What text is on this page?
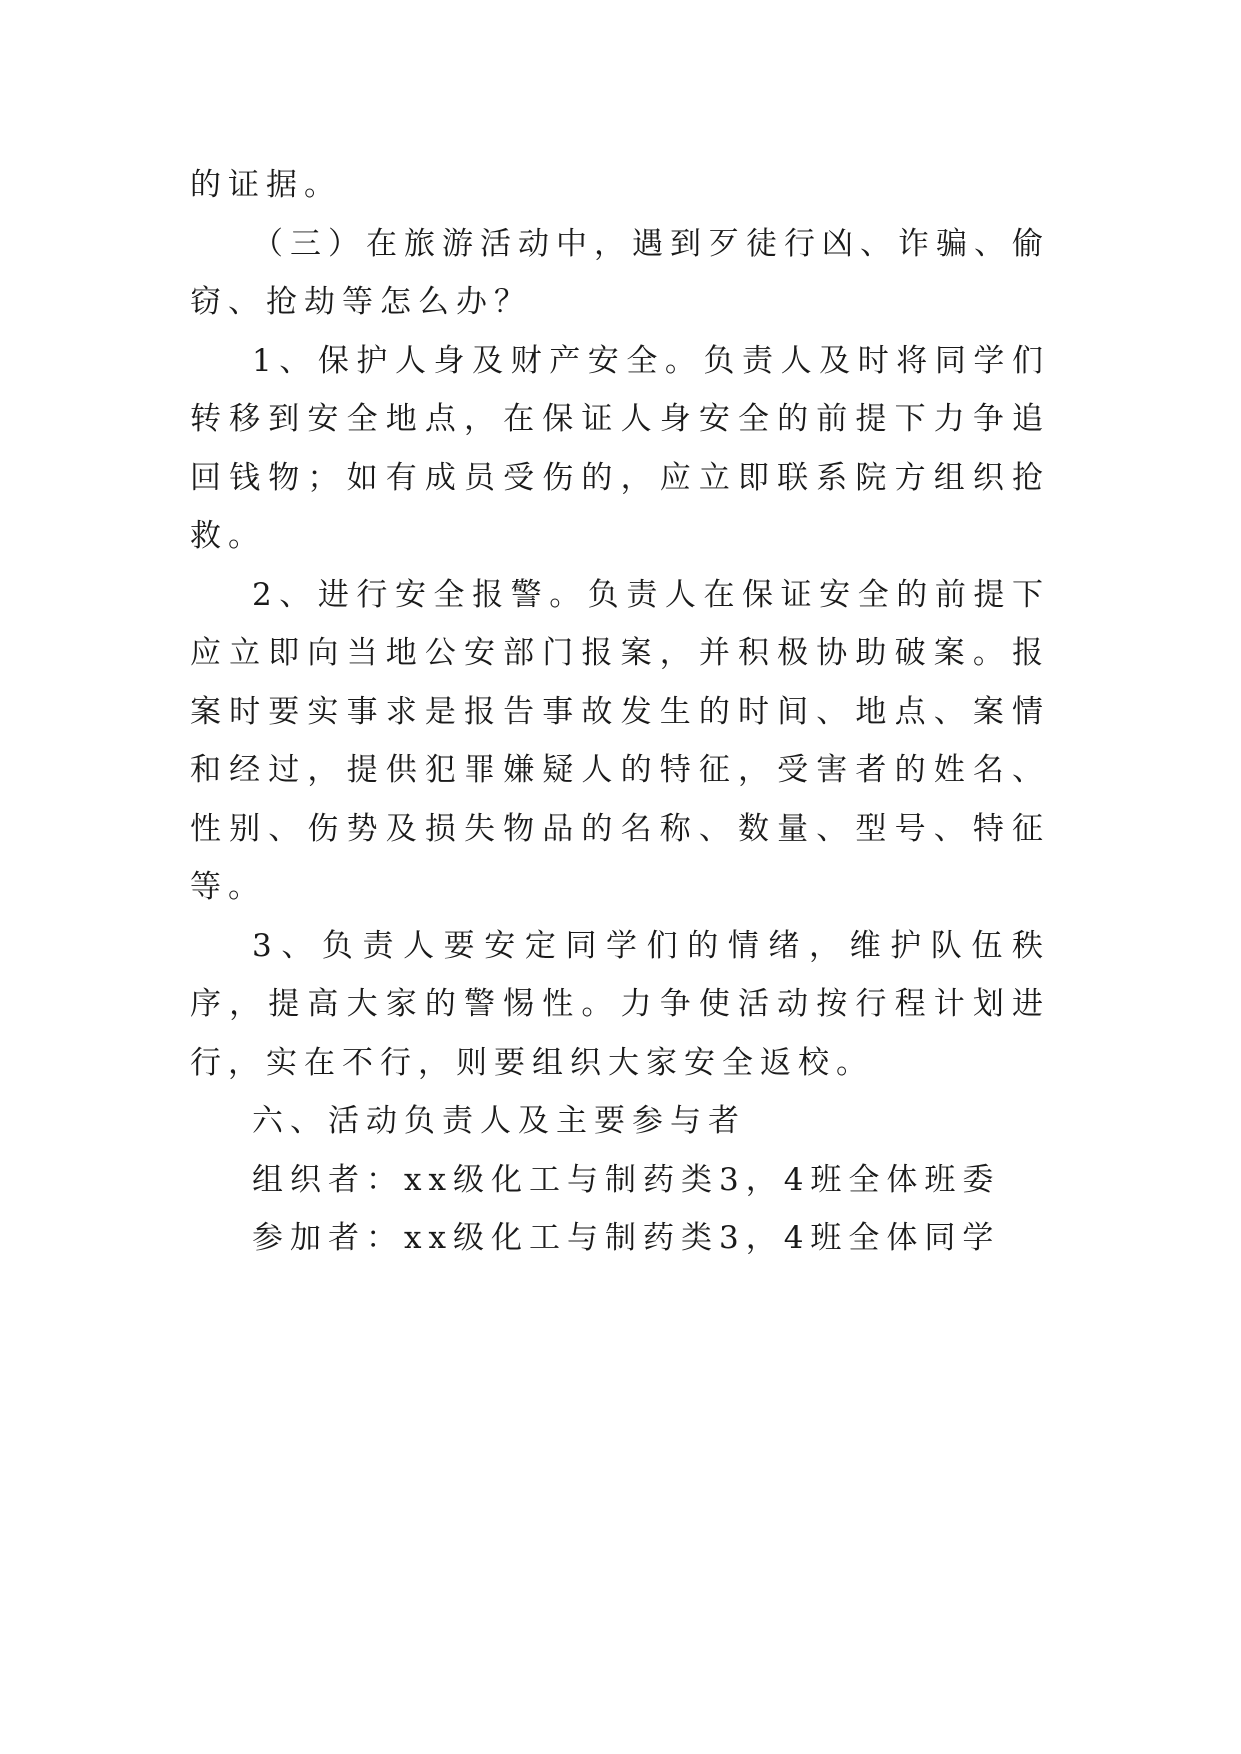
的证据。

（三）在旅游活动中，遇到歹徒行凶、诈骗、偷窃、抢劫等怎么办？

1、保护人身及财产安全。负责人及时将同学们转移到安全地点，在保证人身安全的前提下力争追回钱物；如有成员受伤的，应立即联系院方组织抢救。

2、进行安全报警。负责人在保证安全的前提下应立即向当地公安部门报案，并积极协助破案。报案时要实事求是报告事故发生的时间、地点、案情和经过，提供犯罪嫌疑人的特征，受害者的姓名、性别、伤势及损失物品的名称、数量、型号、特征等。

3、负责人要安定同学们的情绪，维护队伍秩序，提高大家的警惕性。力争使活动按行程计划进行，实在不行，则要组织大家安全返校。

六、活动负责人及主要参与者

组织者：xx级化工与制药类3，4班全体班委

参加者：xx级化工与制药类3，4班全体同学
